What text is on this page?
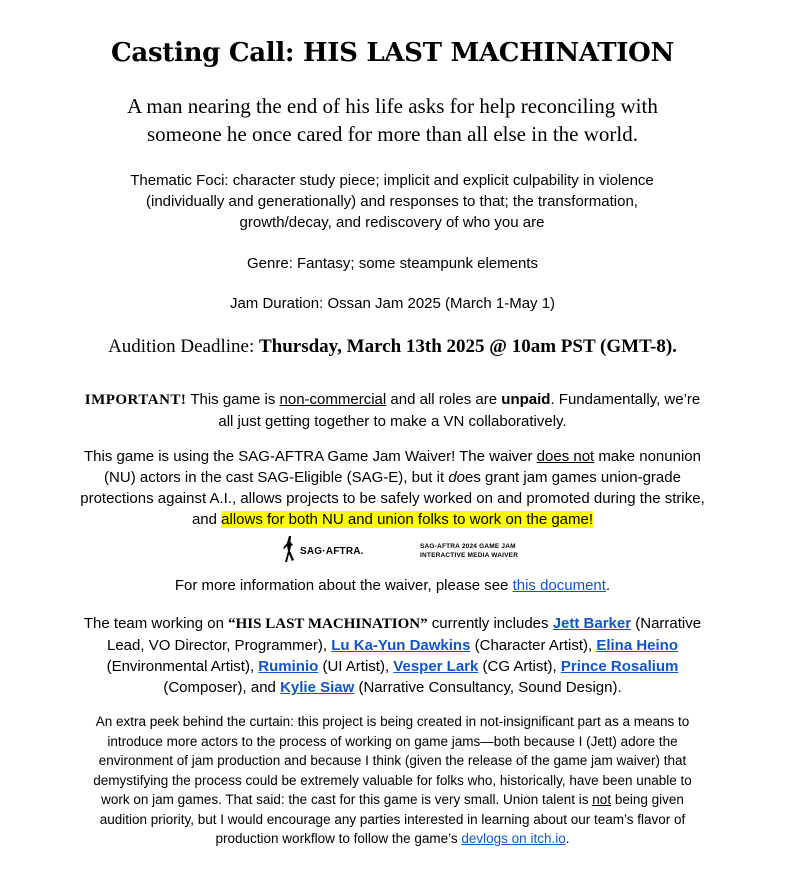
Casting Call: HIS LAST MACHINATION
A man nearing the end of his life asks for help reconciling with someone he once cared for more than all else in the world.
Thematic Foci: character study piece; implicit and explicit culpability in violence (individually and generationally) and responses to that; the transformation, growth/decay, and rediscovery of who you are
Genre: Fantasy; some steampunk elements
Jam Duration: Ossan Jam 2025 (March 1-May 1)
Audition Deadline: Thursday, March 13th 2025 @ 10am PST (GMT-8).
IMPORTANT! This game is non-commercial and all roles are unpaid. Fundamentally, we’re all just getting together to make a VN collaboratively.
This game is using the SAG-AFTRA Game Jam Waiver! The waiver does not make nonunion (NU) actors in the cast SAG-Eligible (SAG-E), but it does grant jam games union-grade protections against A.I., allows projects to be safely worked on and promoted during the strike, and allows for both NU and union folks to work on the game!
SAG·AFTRA.	SAG-AFTRA 2024 GAME JAM
INTERACTIVE MEDIA WAIVER
For more information about the waiver, please see this document.
The team working on “HIS LAST MACHINATION” currently includes Jett Barker (Narrative Lead, VO Director, Programmer), Lu Ka-Yun Dawkins (Character Artist), Elina Heino (Environmental Artist), Ruminio (UI Artist), Vesper Lark (CG Artist), Prince Rosalium (Composer), and Kylie Siaw (Narrative Consultancy, Sound Design).
An extra peek behind the curtain: this project is being created in not-insignificant part as a means to introduce more actors to the process of working on game jams—both because I (Jett) adore the environment of jam production and because I think (given the release of the game jam waiver) that demystifying the process could be extremely valuable for folks who, historically, have been unable to work on jam games. That said: the cast for this game is very small. Union talent is not being given audition priority, but I would encourage any parties interested in learning about our team’s flavor of production workflow to follow the game’s devlogs on itch.io.
